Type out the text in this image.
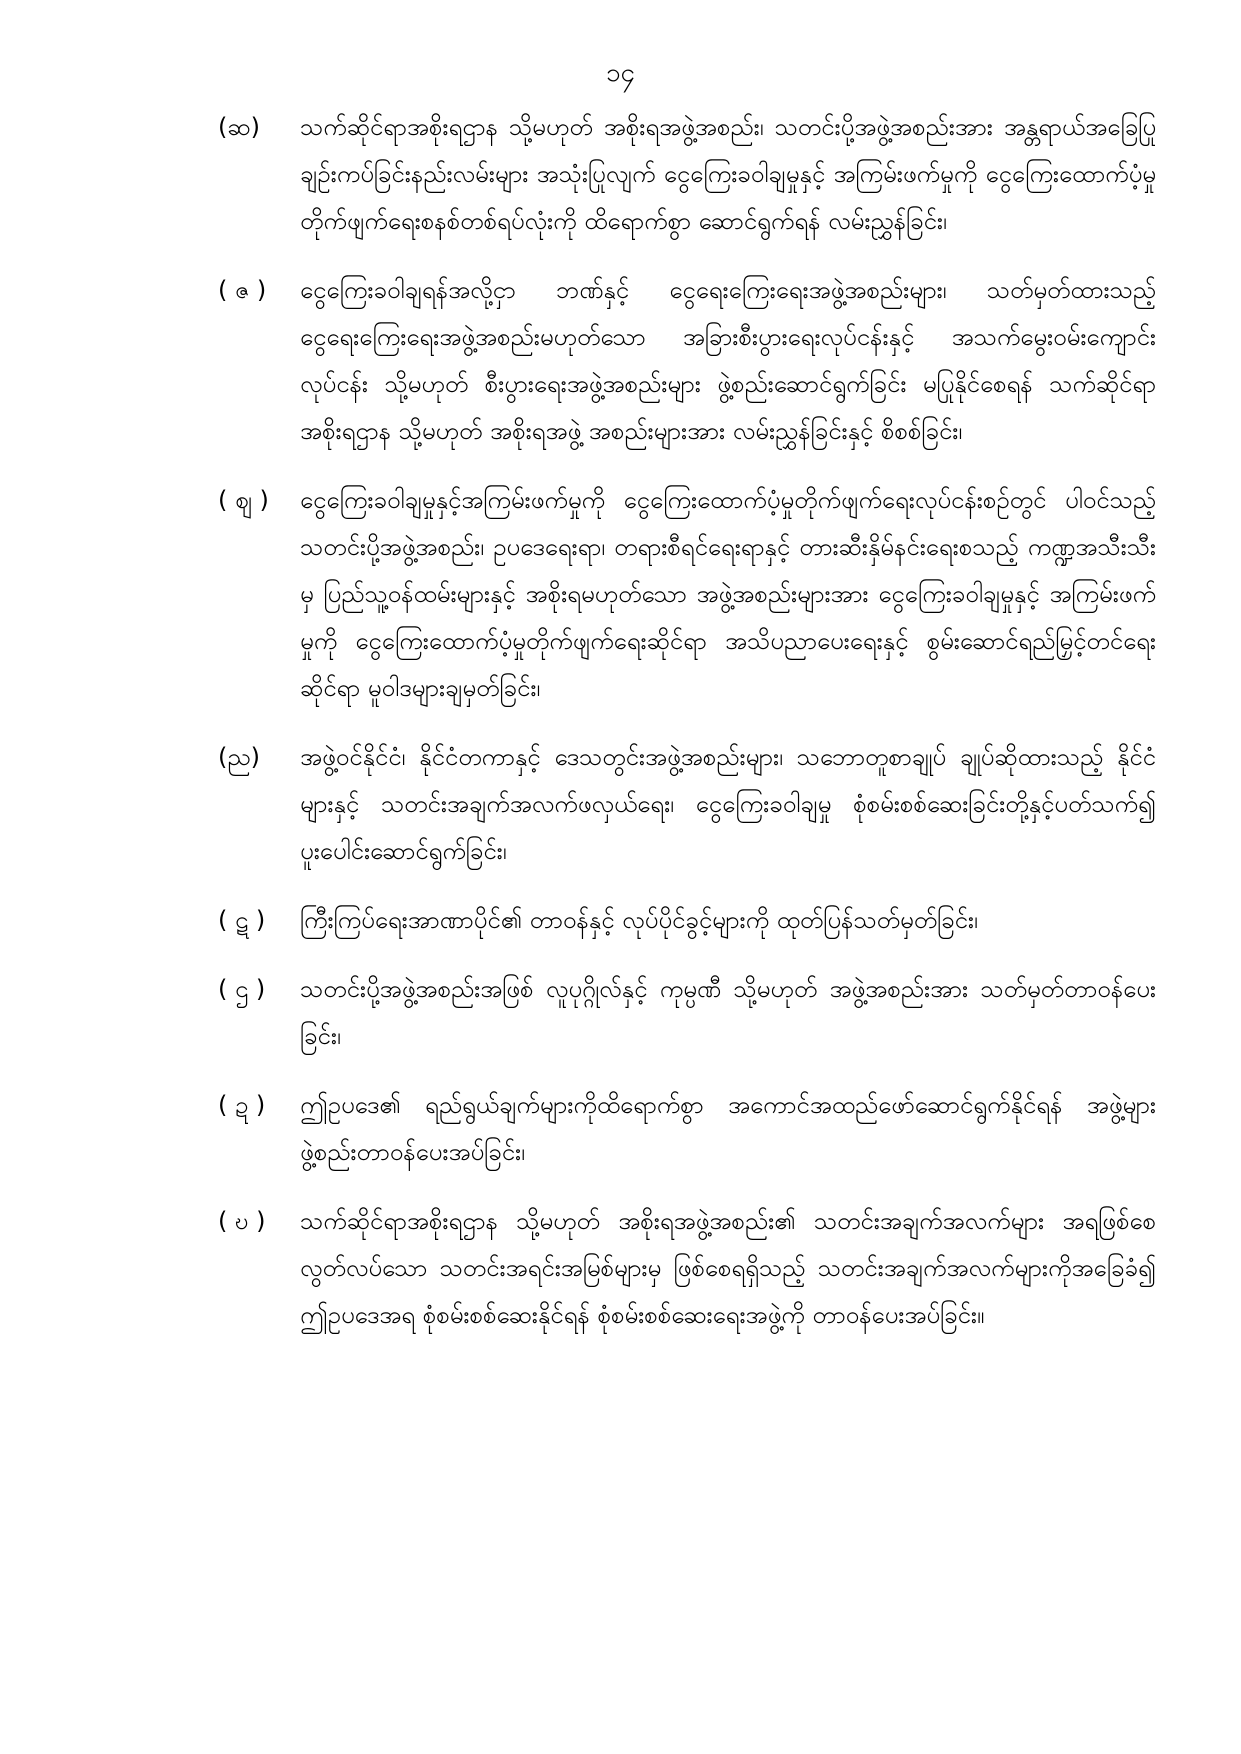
၁၄
(ဆ)	သက်ဆိုင်ရာအစိုးရဌာန သို့မဟုတ် အစိုးရအဖွဲ့အစည်း၊ သတင်းပို့အဖွဲ့အစည်းအား အန္တရာယ်အခြေပြုချဉ်းကပ်ခြင်းနည်းလမ်းများ အသုံးပြုလျက် ငွေကြေးခဝါချမှုနှင့် အကြမ်းဖက်မှုကို ငွေကြေးထောက်ပံ့မှုတိုက်ဖျက်ရေးစနစ်တစ်ရပ်လုံးကို ထိရောက်စွာ ဆောင်ရွက်ရန် လမ်းညွှန်ခြင်း၊
( ဇ )	ငွေကြေးခဝါချရန်အလို့ငှာ ဘဏ်နှင့် ငွေရေးကြေးရေးအဖွဲ့အစည်းများ၊ သတ်မှတ်ထားသည့် ငွေရေးကြေးရေးအဖွဲ့အစည်းမဟုတ်သော အခြားစီးပွားရေးလုပ်ငန်းနှင့် အသက်မွေးဝမ်းကျောင်းလုပ်ငန်း သို့မဟုတ် စီးပွားရေးအဖွဲ့အစည်းများ ဖွဲ့စည်းဆောင်ရွက်ခြင်း မပြုနိုင်စေရန် သက်ဆိုင်ရာအစိုးရဌာန သို့မဟုတ် အစိုးရအဖွဲ့ အစည်းများအား လမ်းညွှန်ခြင်းနှင့် စိစစ်ခြင်း၊
( ဈ )	ငွေကြေးခဝါချမှုနှင့်အကြမ်းဖက်မှုကို ငွေကြေးထောက်ပံ့မှုတိုက်ဖျက်ရေးလုပ်ငန်းစဉ်တွင် ပါဝင်သည့် သတင်းပို့အဖွဲ့အစည်း၊ ဥပဒေရေးရာ၊ တရားစီရင်ရေးရာနှင့် တားဆီးနှိမ်နင်းရေးစသည့် ကဏ္ဍအသီးသီးမှ ပြည်သူ့ဝန်ထမ်းများနှင့် အစိုးရမဟုတ်သော အဖွဲ့အစည်းများအား ငွေကြေးခဝါချမှုနှင့် အကြမ်းဖက်မှုကို ငွေကြေးထောက်ပံ့မှုတိုက်ဖျက်ရေးဆိုင်ရာ အသိပညာပေးရေးနှင့် စွမ်းဆောင်ရည်မြှင့်တင်ရေးဆိုင်ရာ မူဝါဒများချမှတ်ခြင်း၊
(ည)	အဖွဲ့ဝင်နိုင်ငံ၊ နိုင်ငံတကာနှင့် ဒေသတွင်းအဖွဲ့အစည်းများ၊ သဘောတူစာချုပ် ချုပ်ဆိုထားသည့် နိုင်ငံများနှင့် သတင်းအချက်အလက်ဖလှယ်ရေး၊ ငွေကြေးခဝါချမှု စုံစမ်းစစ်ဆေးခြင်းတို့နှင့်ပတ်သက်၍ ပူးပေါင်းဆောင်ရွက်ခြင်း၊
( ဋ )	ကြီးကြပ်ရေးအာဏာပိုင်၏ တာဝန်နှင့် လုပ်ပိုင်ခွင့်များကို ထုတ်ပြန်သတ်မှတ်ခြင်း၊
( ဌ )	သတင်းပို့အဖွဲ့အစည်းအဖြစ် လူပုဂ္ဂိုလ်နှင့် ကုမ္ပဏီ သို့မဟုတ် အဖွဲ့အစည်းအား သတ်မှတ်တာဝန်ပေးခြင်း၊
( ဍ )	ဤဥပဒေ၏ ရည်ရွယ်ချက်များကိုထိရောက်စွာ အကောင်အထည်ဖော်ဆောင်ရွက်နိုင်ရန် အဖွဲ့များ ဖွဲ့စည်းတာဝန်ပေးအပ်ခြင်း၊
( ဎ )	သက်ဆိုင်ရာအစိုးရဌာန သို့မဟုတ် အစိုးရအဖွဲ့အစည်း၏ သတင်းအချက်အလက်များ အရဖြစ်စေ လွတ်လပ်သော သတင်းအရင်းအမြစ်များမှ ဖြစ်စေရရှိသည့် သတင်းအချက်အလက်များကိုအခြေခံ၍ ဤဥပဒေအရ စုံစမ်းစစ်ဆေးနိုင်ရန် စုံစမ်းစစ်ဆေးရေးအဖွဲ့ကို တာဝန်ပေးအပ်ခြင်း။
